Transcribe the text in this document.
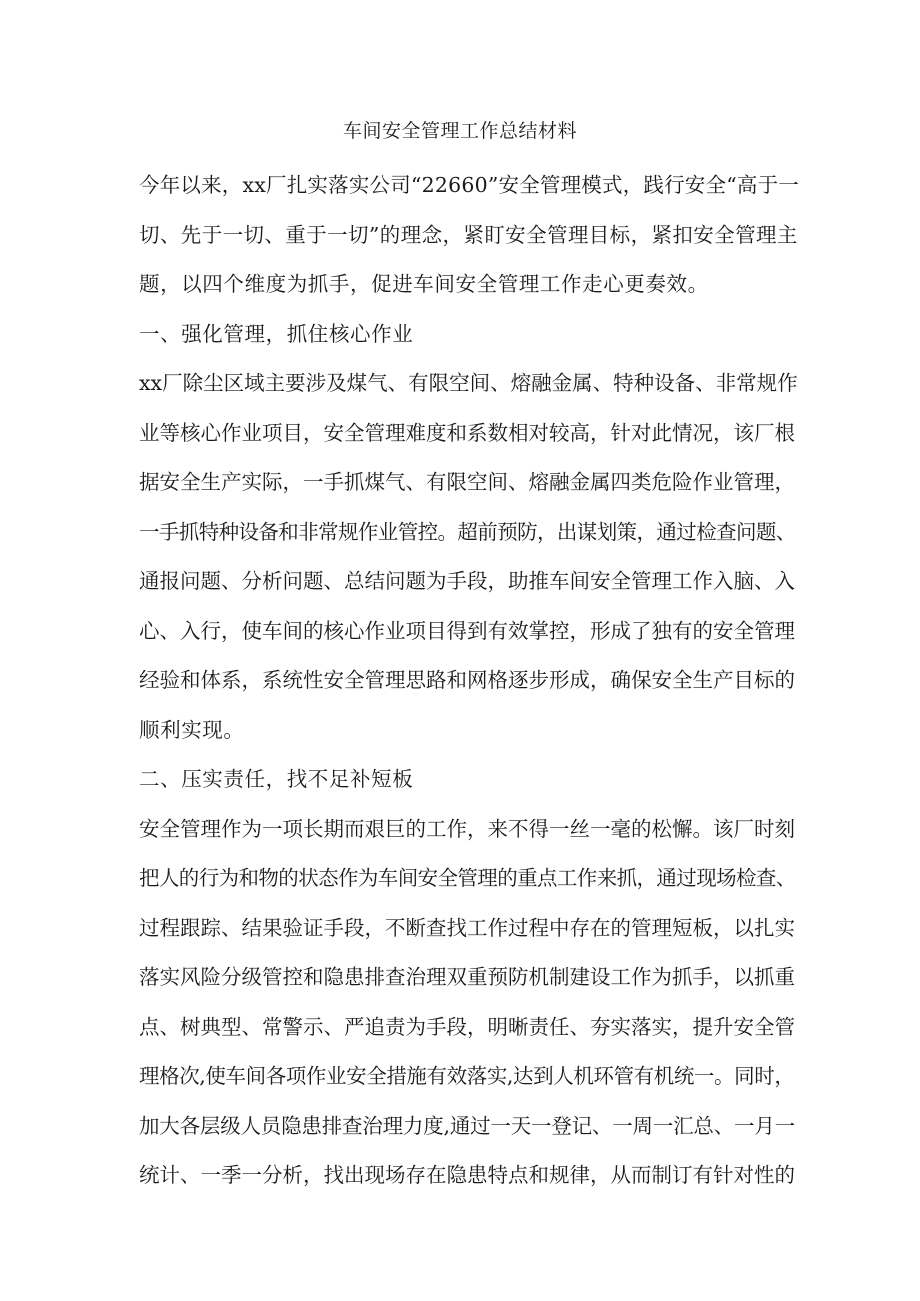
车间安全管理工作总结材料
今年以来，xx厂扎实落实公司“22660”安全管理模式，践行安全“高于一
切、先于一切、重于一切”的理念，紧盯安全管理目标，紧扣安全管理主
题，以四个维度为抓手，促进车间安全管理工作走心更奏效。
一、强化管理，抓住核心作业
xx厂除尘区域主要涉及煤气、有限空间、熔融金属、特种设备、非常规作
业等核心作业项目，安全管理难度和系数相对较高，针对此情况，该厂根
据安全生产实际，一手抓煤气、有限空间、熔融金属四类危险作业管理，
一手抓特种设备和非常规作业管控。超前预防，出谋划策，通过检查问题、
通报问题、分析问题、总结问题为手段，助推车间安全管理工作入脑、入
心、入行，使车间的核心作业项目得到有效掌控，形成了独有的安全管理
经验和体系，系统性安全管理思路和网格逐步形成，确保安全生产目标的
顺利实现。
二、压实责任，找不足补短板
安全管理作为一项长期而艰巨的工作，来不得一丝一毫的松懈。该厂时刻
把人的行为和物的状态作为车间安全管理的重点工作来抓，通过现场检查、
过程跟踪、结果验证手段，不断查找工作过程中存在的管理短板，以扎实
落实风险分级管控和隐患排查治理双重预防机制建设工作为抓手，以抓重
点、树典型、常警示、严追责为手段，明晰责任、夯实落实，提升安全管
理格次,使车间各项作业安全措施有效落实,达到人机环管有机统一。同时，
加大各层级人员隐患排查治理力度,通过一天一登记、一周一汇总、一月一
统计、一季一分析，找出现场存在隐患特点和规律，从而制订有针对性的
